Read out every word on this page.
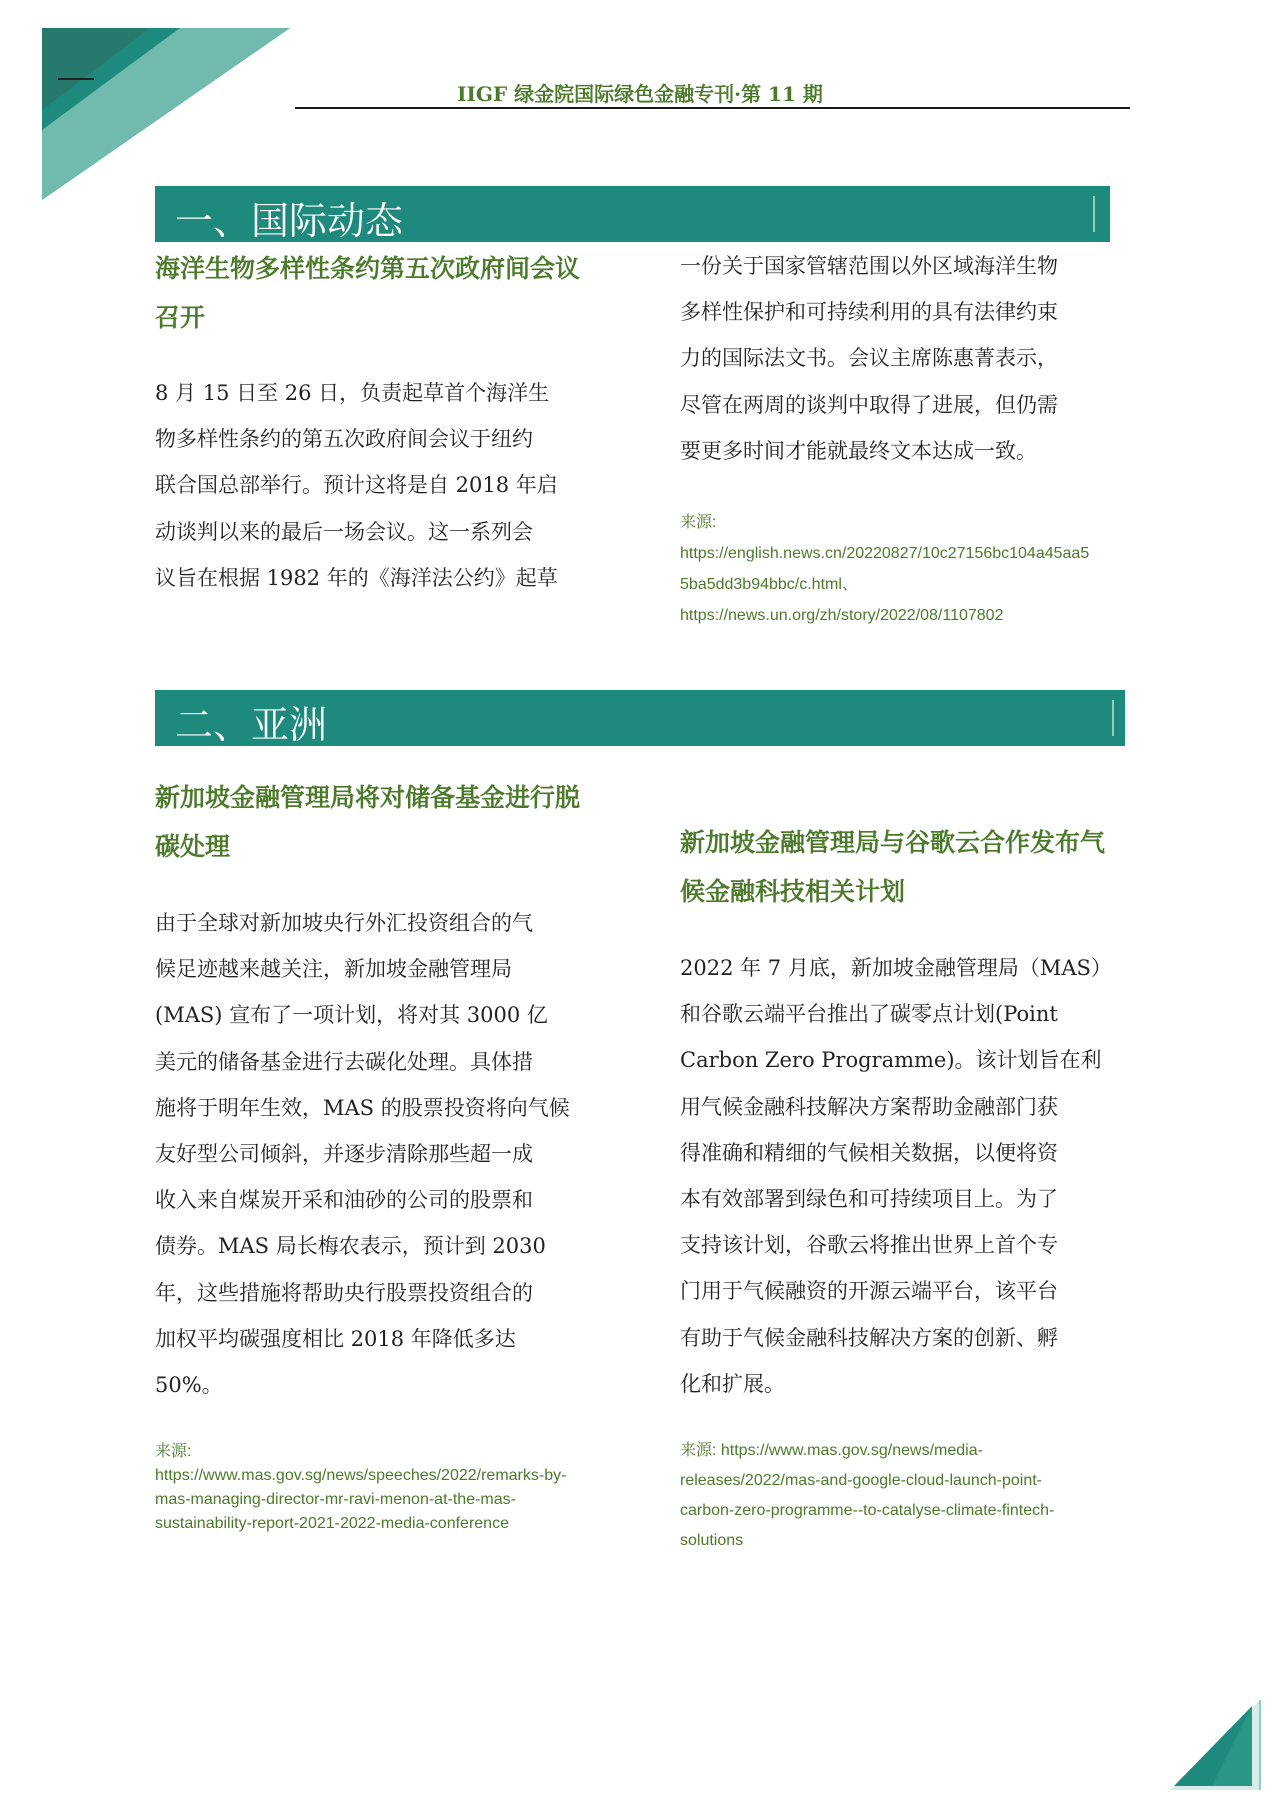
IIGF 绿金院国际绿色金融专刊·第 11 期
一、国际动态
海洋生物多样性条约第五次政府间会议
召开
8 月 15 日至 26 日，负责起草首个海洋生
物多样性条约的第五次政府间会议于纽约
联合国总部举行。预计这将是自 2018 年启
动谈判以来的最后一场会议。这一系列会
议旨在根据 1982 年的《海洋法公约》起草
一份关于国家管辖范围以外区域海洋生物
多样性保护和可持续利用的具有法律约束
力的国际法文书。会议主席陈惠菁表示，
尽管在两周的谈判中取得了进展，但仍需
要更多时间才能就最终文本达成一致。
来源:
https://english.news.cn/20220827/10c27156bc104a45aa5
5ba5dd3b94bbc/c.html、
https://news.un.org/zh/story/2022/08/1107802
二、亚洲
新加坡金融管理局将对储备基金进行脱
碳处理
由于全球对新加坡央行外汇投资组合的气
候足迹越来越关注，新加坡金融管理局
(MAS) 宣布了一项计划，将对其 3000 亿
美元的储备基金进行去碳化处理。具体措
施将于明年生效，MAS 的股票投资将向气候
友好型公司倾斜，并逐步清除那些超一成
收入来自煤炭开采和油砂的公司的股票和
债券。MAS 局长梅农表示，预计到 2030
年，这些措施将帮助央行股票投资组合的
加权平均碳强度相比 2018 年降低多达
50%。
来源:
https://www.mas.gov.sg/news/speeches/2022/remarks-by-
mas-managing-director-mr-ravi-menon-at-the-mas-
sustainability-report-2021-2022-media-conference
新加坡金融管理局与谷歌云合作发布气
候金融科技相关计划
2022 年 7 月底，新加坡金融管理局（MAS）
和谷歌云端平台推出了碳零点计划(Point
Carbon Zero Programme)。该计划旨在利
用气候金融科技解决方案帮助金融部门获
得准确和精细的气候相关数据，以便将资
本有效部署到绿色和可持续项目上。为了
支持该计划，谷歌云将推出世界上首个专
门用于气候融资的开源云端平台，该平台
有助于气候金融科技解决方案的创新、孵
化和扩展。
来源: https://www.mas.gov.sg/news/media-
releases/2022/mas-and-google-cloud-launch-point-
carbon-zero-programme--to-catalyse-climate-fintech-
solutions
